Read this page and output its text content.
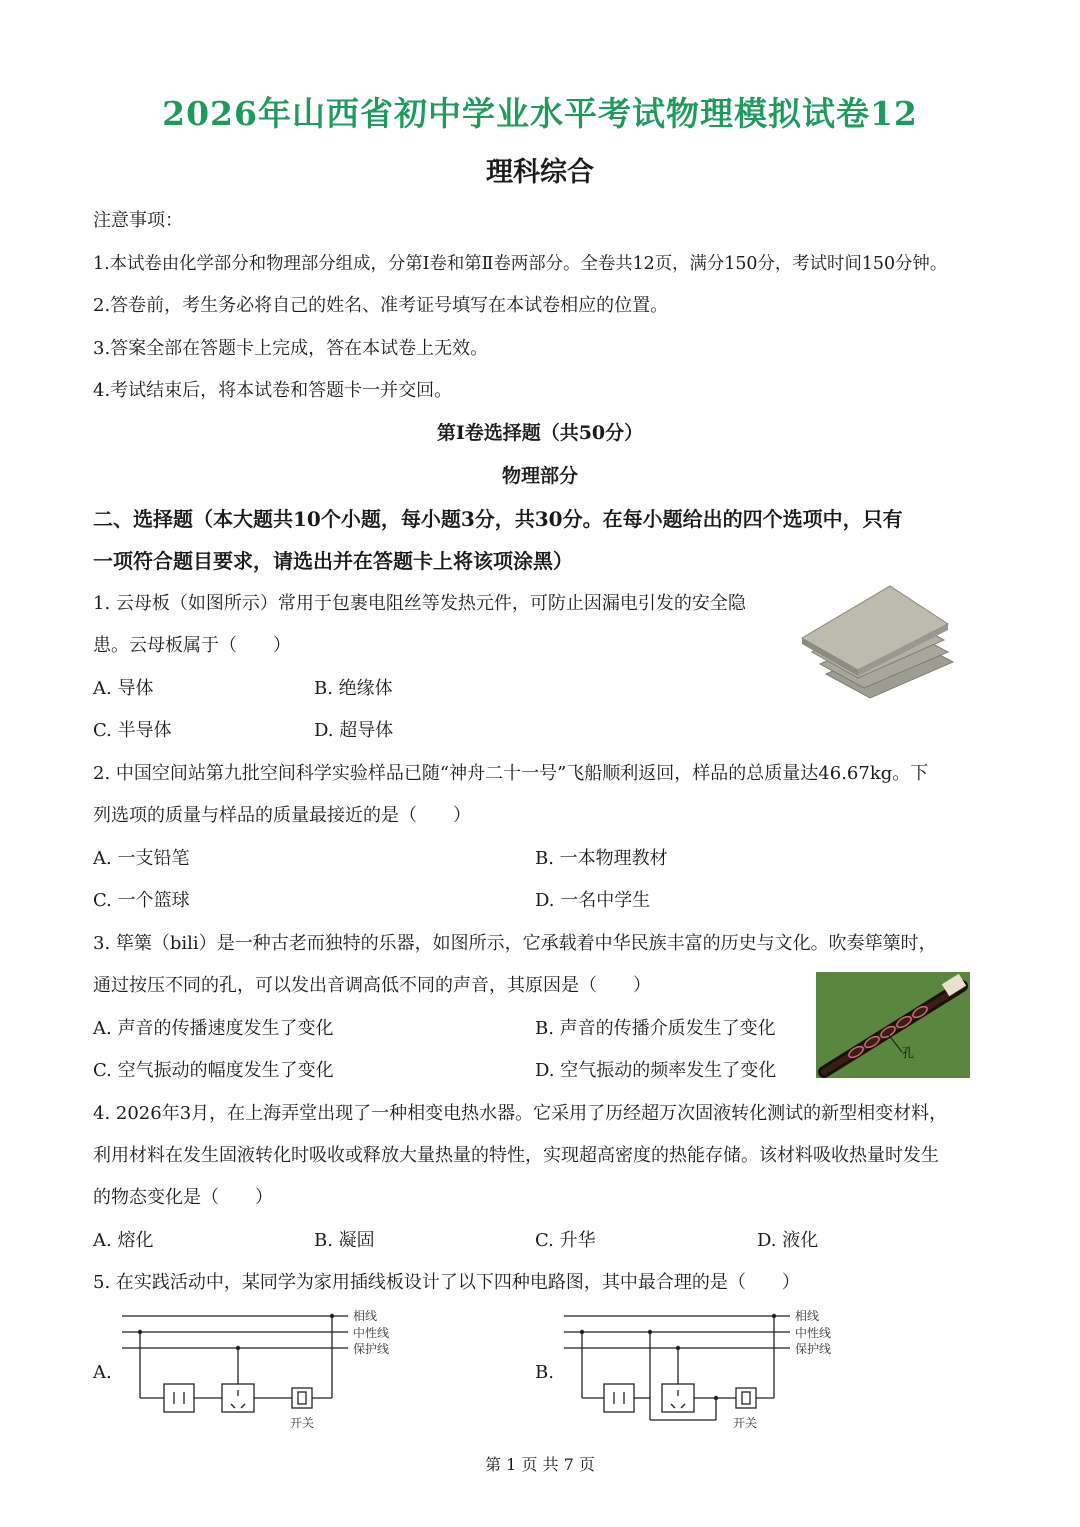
2026年山西省初中学业水平考试物理模拟试卷12
理科综合
注意事项：
1.本试卷由化学部分和物理部分组成，分第Ⅰ卷和第Ⅱ卷两部分。全卷共12页，满分150分，考试时间150分钟。
2.答卷前，考生务必将自己的姓名、准考证号填写在本试卷相应的位置。
3.答案全部在答题卡上完成，答在本试卷上无效。
4.考试结束后，将本试卷和答题卡一并交回。
第Ⅰ卷选择题（共50分）
物理部分
二、选择题（本大题共10个小题，每小题3分，共30分。在每小题给出的四个选项中，只有
一项符合题目要求，请选出并在答题卡上将该项涂黑）
1. 云母板（如图所示）常用于包裹电阻丝等发热元件，可防止因漏电引发的安全隐
患。云母板属于（　　）
A. 导体	B. 绝缘体
C. 半导体	D. 超导体
2. 中国空间站第九批空间科学实验样品已随“神舟二十一号”飞船顺利返回，样品的总质量达46.67kg。下
列选项的质量与样品的质量最接近的是（　　）
A. 一支铅笔	B. 一本物理教材
C. 一个篮球	D. 一名中学生
3. 筚篥（bili）是一种古老而独特的乐器，如图所示，它承载着中华民族丰富的历史与文化。吹奏筚篥时，
通过按压不同的孔，可以发出音调高低不同的声音，其原因是（　　）
A. 声音的传播速度发生了变化	B. 声音的传播介质发生了变化
C. 空气振动的幅度发生了变化	D. 空气振动的频率发生了变化
孔
4. 2026年3月，在上海弄堂出现了一种相变电热水器。它采用了历经超万次固液转化测试的新型相变材料，
利用材料在发生固液转化时吸收或释放大量热量的特性，实现超高密度的热能存储。该材料吸收热量时发生
的物态变化是（　　）
A. 熔化	B. 凝固	C. 升华	D. 液化
5. 在实践活动中，某同学为家用插线板设计了以下四种电路图，其中最合理的是（　　）
A.
相线
中性线
保护线
开关
B.
相线
中性线
保护线
开关
第 1 页 共 7 页
